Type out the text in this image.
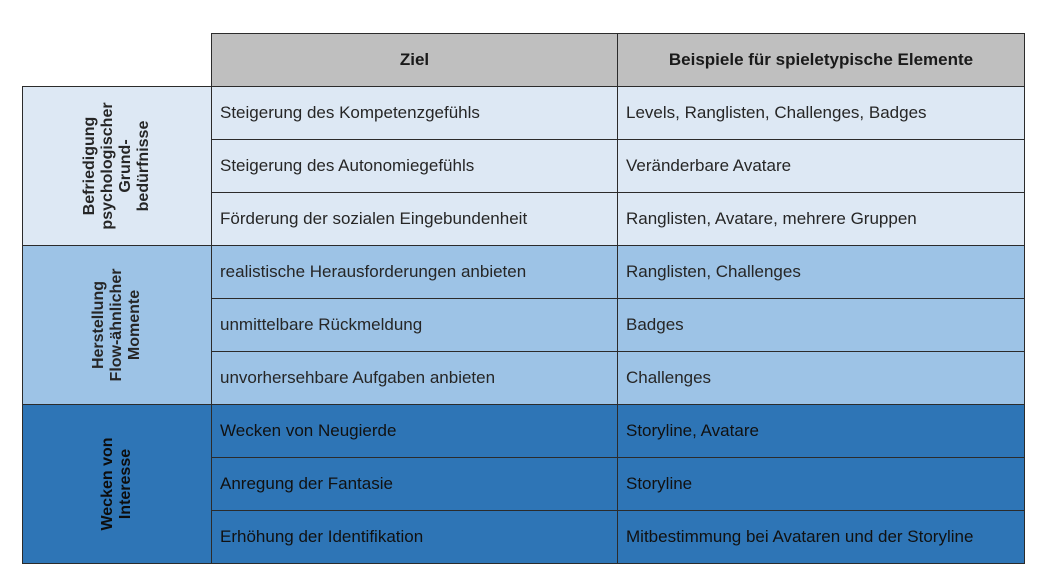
	Ziel	Beispiele für spieletypische Elemente

Befriedigung psychologischer Grund- bedürfnisse	Steigerung des Kompetenzgefühls	Levels, Ranglisten, Challenges, Badges
	Steigerung des Autonomiegefühls	Veränderbare Avatare
	Förderung der sozialen Eingebundenheit	Ranglisten, Avatare, mehrere Gruppen

Herstellung Flow-ähnlicher Momente	realistische Herausforderungen anbieten	Ranglisten, Challenges
	unmittelbare Rückmeldung	Badges
	unvorhersehbare Aufgaben anbieten	Challenges

Wecken von Interesse	Wecken von Neugierde	Storyline, Avatare
	Anregung der Fantasie	Storyline
	Erhöhung der Identifikation	Mitbestimmung bei Avataren und der Storyline
